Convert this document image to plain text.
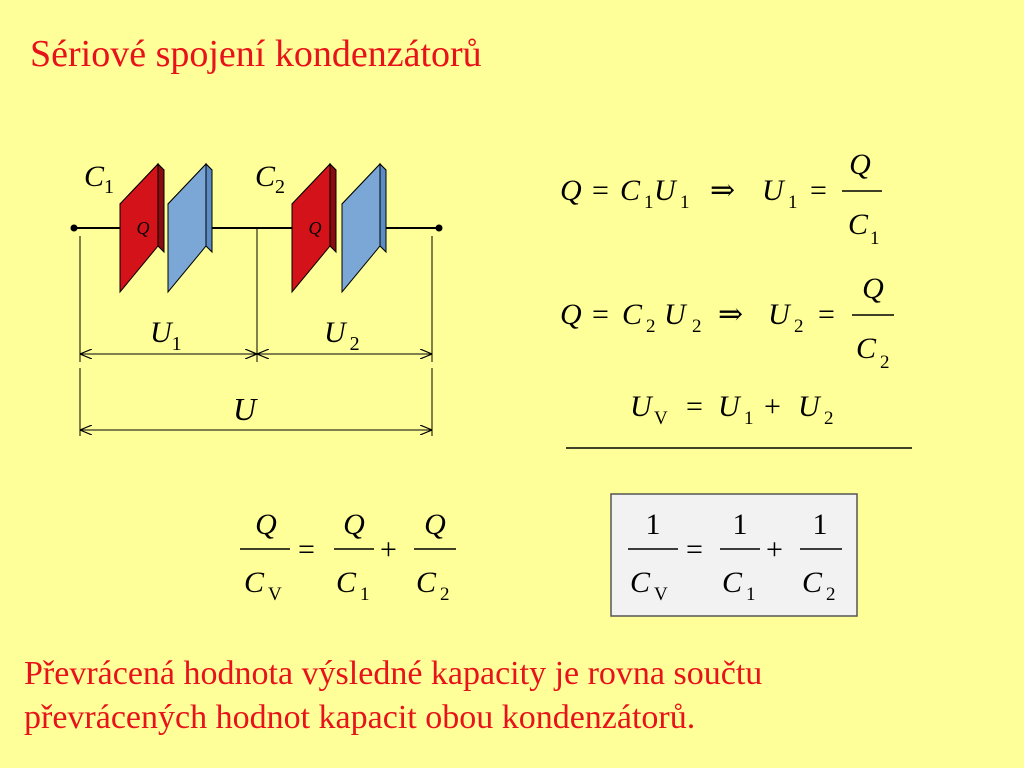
Sériové spojení kondenzátorů
Q	Q
$C_1$	$C_2$
$U_1$	U $_2$
U
Q = C 1 U 1 ⇒ U 1 =
Q
C 1
Q = C 2 U 2 ⇒ U 2 =
Q
C 2
U V = U 1 + U 2
Q
C V
=
Q
C 1
+
Q
C 2
1
C V
=
1
C 1
+
1
C 2
Převrácená hodnota výsledné kapacity je rovna součtu
převrácených hodnot kapacit obou kondenzátorů.
